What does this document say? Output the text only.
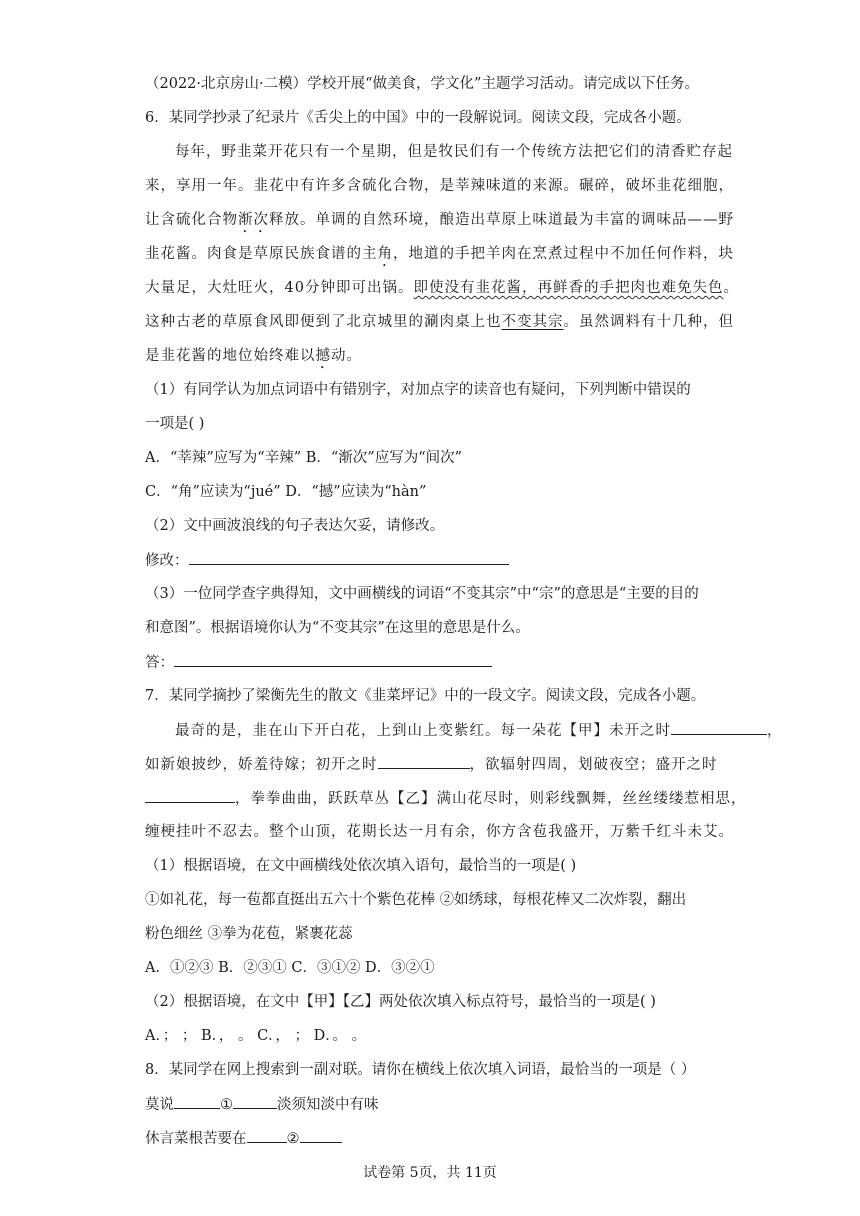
（2022·北京房山·二模）学校开展“做美食，学文化”主题学习活动。请完成以下任务。
6．某同学抄录了纪录片《舌尖上的中国》中的一段解说词。阅读文段，完成各小题。
每年，野韭菜开花只有一个星期，但是牧民们有一个传统方法把它们的清香贮存起
来，享用一年。韭花中有许多含硫化合物，是莘辣味道的来源。碾碎，破坏韭花细胞，
让含硫化合物渐次释放。单调的自然环境，酿造出草原上味道最为丰富的调味品——野
韭花酱。肉食是草原民族食谱的主角，地道的手把羊肉在烹煮过程中不加任何作料，块
大量足，大灶旺火，40分钟即可出锅。即使没有韭花酱，再鲜香的手把肉也难免失色。
这种古老的草原食风即便到了北京城里的涮肉桌上也不变其宗。虽然调料有十几种，但
是韭花酱的地位始终难以撼动。
（1）有同学认为加点词语中有错别字，对加点字的读音也有疑问，下列判断中错误的
一项是( )
A．“莘辣”应写为“辛辣” B．“渐次”应写为“间次”
C．“角”应读为“jué” D．“撼”应读为“hàn”
（2）文中画波浪线的句子表达欠妥，请修改。
修改：
（3）一位同学查字典得知，文中画横线的词语“不变其宗”中“宗”的意思是“主要的目的
和意图”。根据语境你认为“不变其宗”在这里的意思是什么。
答：
7．某同学摘抄了梁衡先生的散文《韭菜坪记》中的一段文字。阅读文段，完成各小题。
最奇的是，韭在山下开白花，上到山上变紫红。每一朵花【甲】未开之时	，
如新娘披纱，娇羞待嫁；初开之时	，欲辐射四周，划破夜空；盛开之时
，拳拳曲曲，跃跃草丛【乙】满山花尽时，则彩线飘舞，丝丝缕缕惹相思，
缠梗挂叶不忍去。整个山顶，花期长达一月有余，你方含苞我盛开，万紫千红斗未艾。
（1）根据语境，在文中画横线处依次填入语句，最恰当的一项是( )
①如礼花，每一苞都直挺出五六十个紫色花棒 ②如绣球，每根花棒又二次炸裂，翻出
粉色细丝 ③拳为花苞，紧裹花蕊
A．①②③ B．②③① C．③①② D．③②①
（2）根据语境，在文中【甲】【乙】两处依次填入标点符号，最恰当的一项是( )
A．； ； B．， 。 C．， ； D．。 。
8．某同学在网上搜索到一副对联。请你在横线上依次填入词语，最恰当的一项是（ ）
莫说	①	淡须知淡中有味
休言菜根苦要在	②
试卷第 5页，共 11页
